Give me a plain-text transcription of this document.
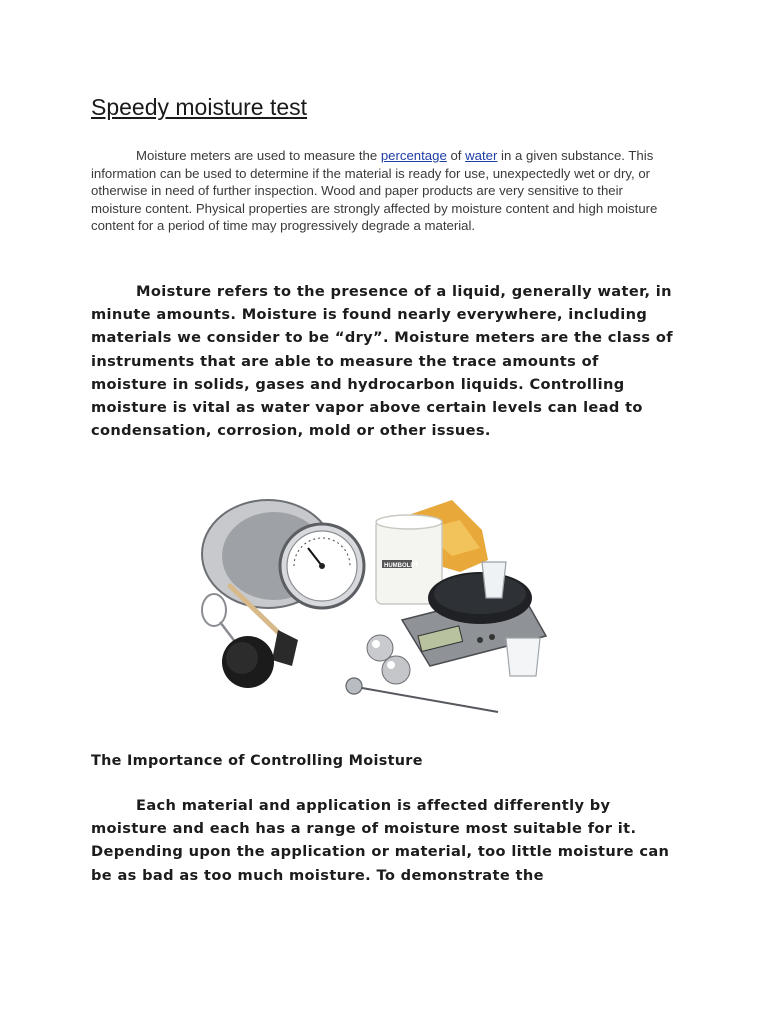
Speedy moisture test

Moisture meters are used to measure the percentage of water in a given substance. This information can be used to determine if the material is ready for use, unexpectedly wet or dry, or otherwise in need of further inspection. Wood and paper products are very sensitive to their moisture content. Physical properties are strongly affected by moisture content and high moisture content for a period of time may progressively degrade a material.

Moisture refers to the presence of a liquid, generally water, in minute amounts. Moisture is found nearly everywhere, including materials we consider to be “dry”. Moisture meters are the class of instruments that are able to measure the trace amounts of moisture in solids, gases and hydrocarbon liquids. Controlling moisture is vital as water vapor above certain levels can lead to condensation, corrosion, mold or other issues.

The Importance of Controlling Moisture

Each material and application is affected differently by moisture and each has a range of moisture most suitable for it. Depending upon the application or material, too little moisture can be as bad as too much moisture. To demonstrate the

HUMBOLDT
